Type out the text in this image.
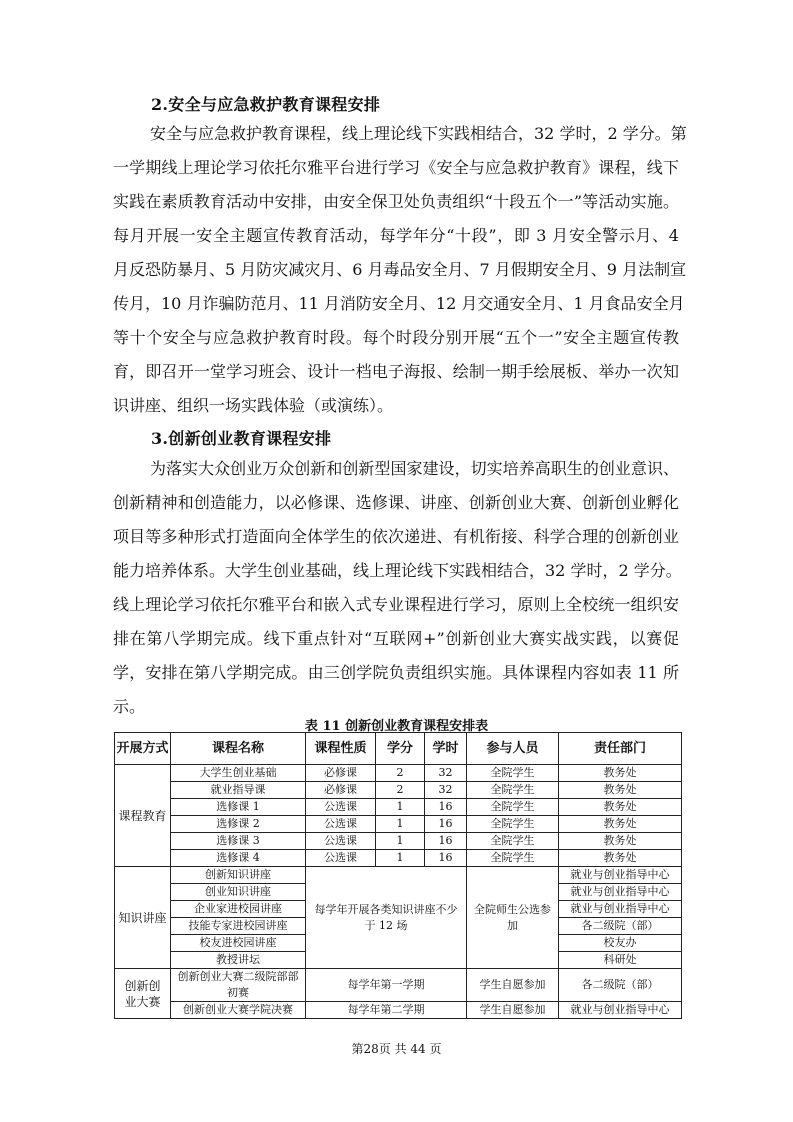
2.安全与应急救护教育课程安排
安全与应急救护教育课程，线上理论线下实践相结合，32 学时，2 学分。第
一学期线上理论学习依托尔雅平台进行学习《安全与应急救护教育》课程，线下
实践在素质教育活动中安排，由安全保卫处负责组织“十段五个一”等活动实施。
每月开展一安全主题宣传教育活动，每学年分“十段”，即 3 月安全警示月、4
月反恐防暴月、5 月防灾减灾月、6 月毒品安全月、7 月假期安全月、9 月法制宣
传月，10 月诈骗防范月、11 月消防安全月、12 月交通安全月、1 月食品安全月
等十个安全与应急救护教育时段。每个时段分别开展“五个一”安全主题宣传教
育，即召开一堂学习班会、设计一档电子海报、绘制一期手绘展板、举办一次知
识讲座、组织一场实践体验（或演练）。
3.创新创业教育课程安排
为落实大众创业万众创新和创新型国家建设，切实培养高职生的创业意识、
创新精神和创造能力，以必修课、选修课、讲座、创新创业大赛、创新创业孵化
项目等多种形式打造面向全体学生的依次递进、有机衔接、科学合理的创新创业
能力培养体系。大学生创业基础，线上理论线下实践相结合，32 学时，2 学分。
线上理论学习依托尔雅平台和嵌入式专业课程进行学习，原则上全校统一组织安
排在第八学期完成。线下重点针对“互联网+”创新创业大赛实战实践，以赛促
学，安排在第八学期完成。由三创学院负责组织实施。具体课程内容如表 11 所
示。
表 11 创新创业教育课程安排表
开展方式	课程名称	课程性质	学分	学时	参与人员	责任部门
课程教育	大学生创业基础	必修课	2	32	全院学生	教务处
	就业指导课	必修课	2	32	全院学生	教务处
	选修课 1	公选课	1	16	全院学生	教务处
	选修课 2	公选课	1	16	全院学生	教务处
	选修课 3	公选课	1	16	全院学生	教务处
	选修课 4	公选课	1	16	全院学生	教务处
知识讲座	创新知识讲座	每学年开展各类知识讲座不少于 12 场			全院师生公选参加	就业与创业指导中心
	创业知识讲座					就业与创业指导中心
	企业家进校园讲座					就业与创业指导中心
	技能专家进校园讲座					各二级院（部）
	校友进校园讲座					校友办
	教授讲坛					科研处
创新创业大赛	创新创业大赛二级院部部初赛	每学年第一学期			学生自愿参加	各二级院（部）
	创新创业大赛学院决赛	每学年第二学期			学生自愿参加	就业与创业指导中心
第28页 共 44 页
